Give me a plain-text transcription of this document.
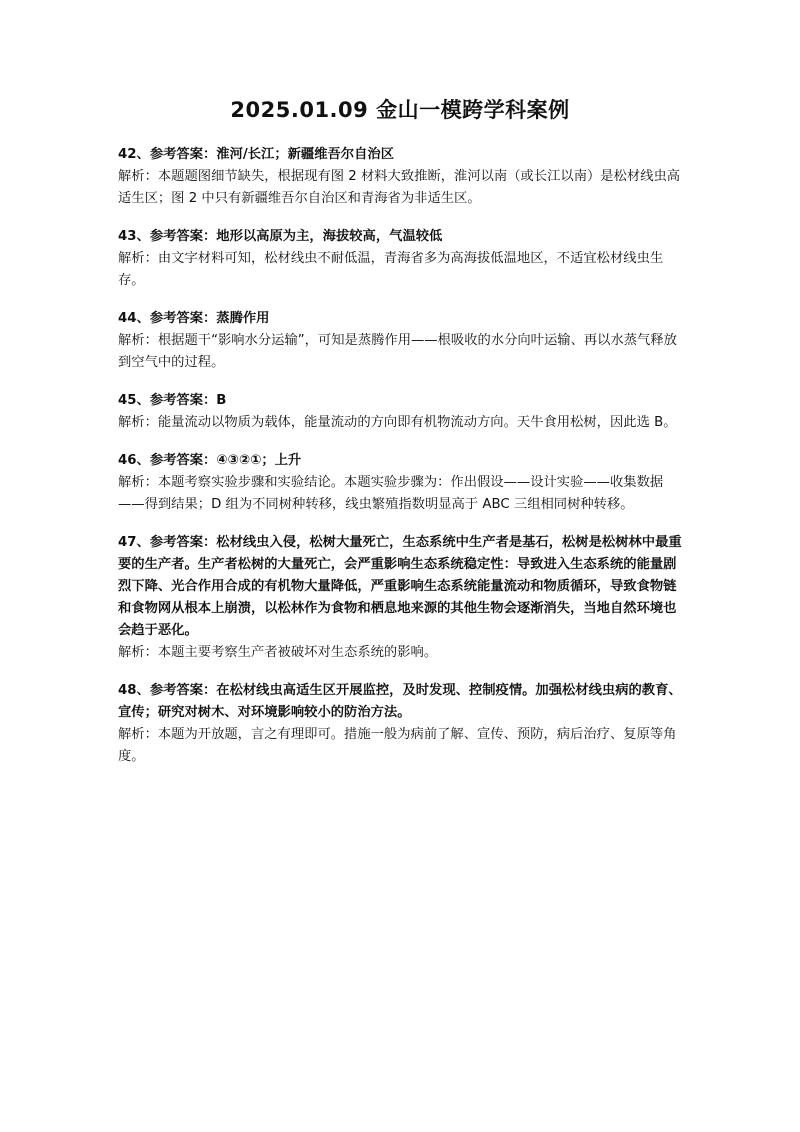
2025.01.09 金山一模跨学科案例

42、参考答案：淮河/长江；新疆维吾尔自治区

解析：本题题图细节缺失，根据现有图 2 材料大致推断，淮河以南（或长江以南）是松材线虫高适生区；图 2 中只有新疆维吾尔自治区和青海省为非适生区。

43、参考答案：地形以高原为主，海拔较高，气温较低

解析：由文字材料可知，松材线虫不耐低温，青海省多为高海拔低温地区，不适宜松材线虫生存。

44、参考答案：蒸腾作用

解析：根据题干“影响水分运输”，可知是蒸腾作用——根吸收的水分向叶运输、再以水蒸气释放到空气中的过程。

45、参考答案：B

解析：能量流动以物质为载体，能量流动的方向即有机物流动方向。天牛食用松树，因此选 B。

46、参考答案：④③②①；上升

解析：本题考察实验步骤和实验结论。本题实验步骤为：作出假设——设计实验——收集数据——得到结果；D 组为不同树种转移，线虫繁殖指数明显高于 ABC 三组相同树种转移。

47、参考答案：松材线虫入侵，松树大量死亡，生态系统中生产者是基石，松树是松树林中最重要的生产者。生产者松树的大量死亡，会严重影响生态系统稳定性：导致进入生态系统的能量剧烈下降、光合作用合成的有机物大量降低，严重影响生态系统能量流动和物质循环，导致食物链和食物网从根本上崩溃，以松林作为食物和栖息地来源的其他生物会逐渐消失，当地自然环境也会趋于恶化。

解析：本题主要考察生产者被破坏对生态系统的影响。

48、参考答案：在松材线虫高适生区开展监控，及时发现、控制疫情。加强松材线虫病的教育、宣传；研究对树木、对环境影响较小的防治方法。

解析：本题为开放题，言之有理即可。措施一般为病前了解、宣传、预防，病后治疗、复原等角度。
